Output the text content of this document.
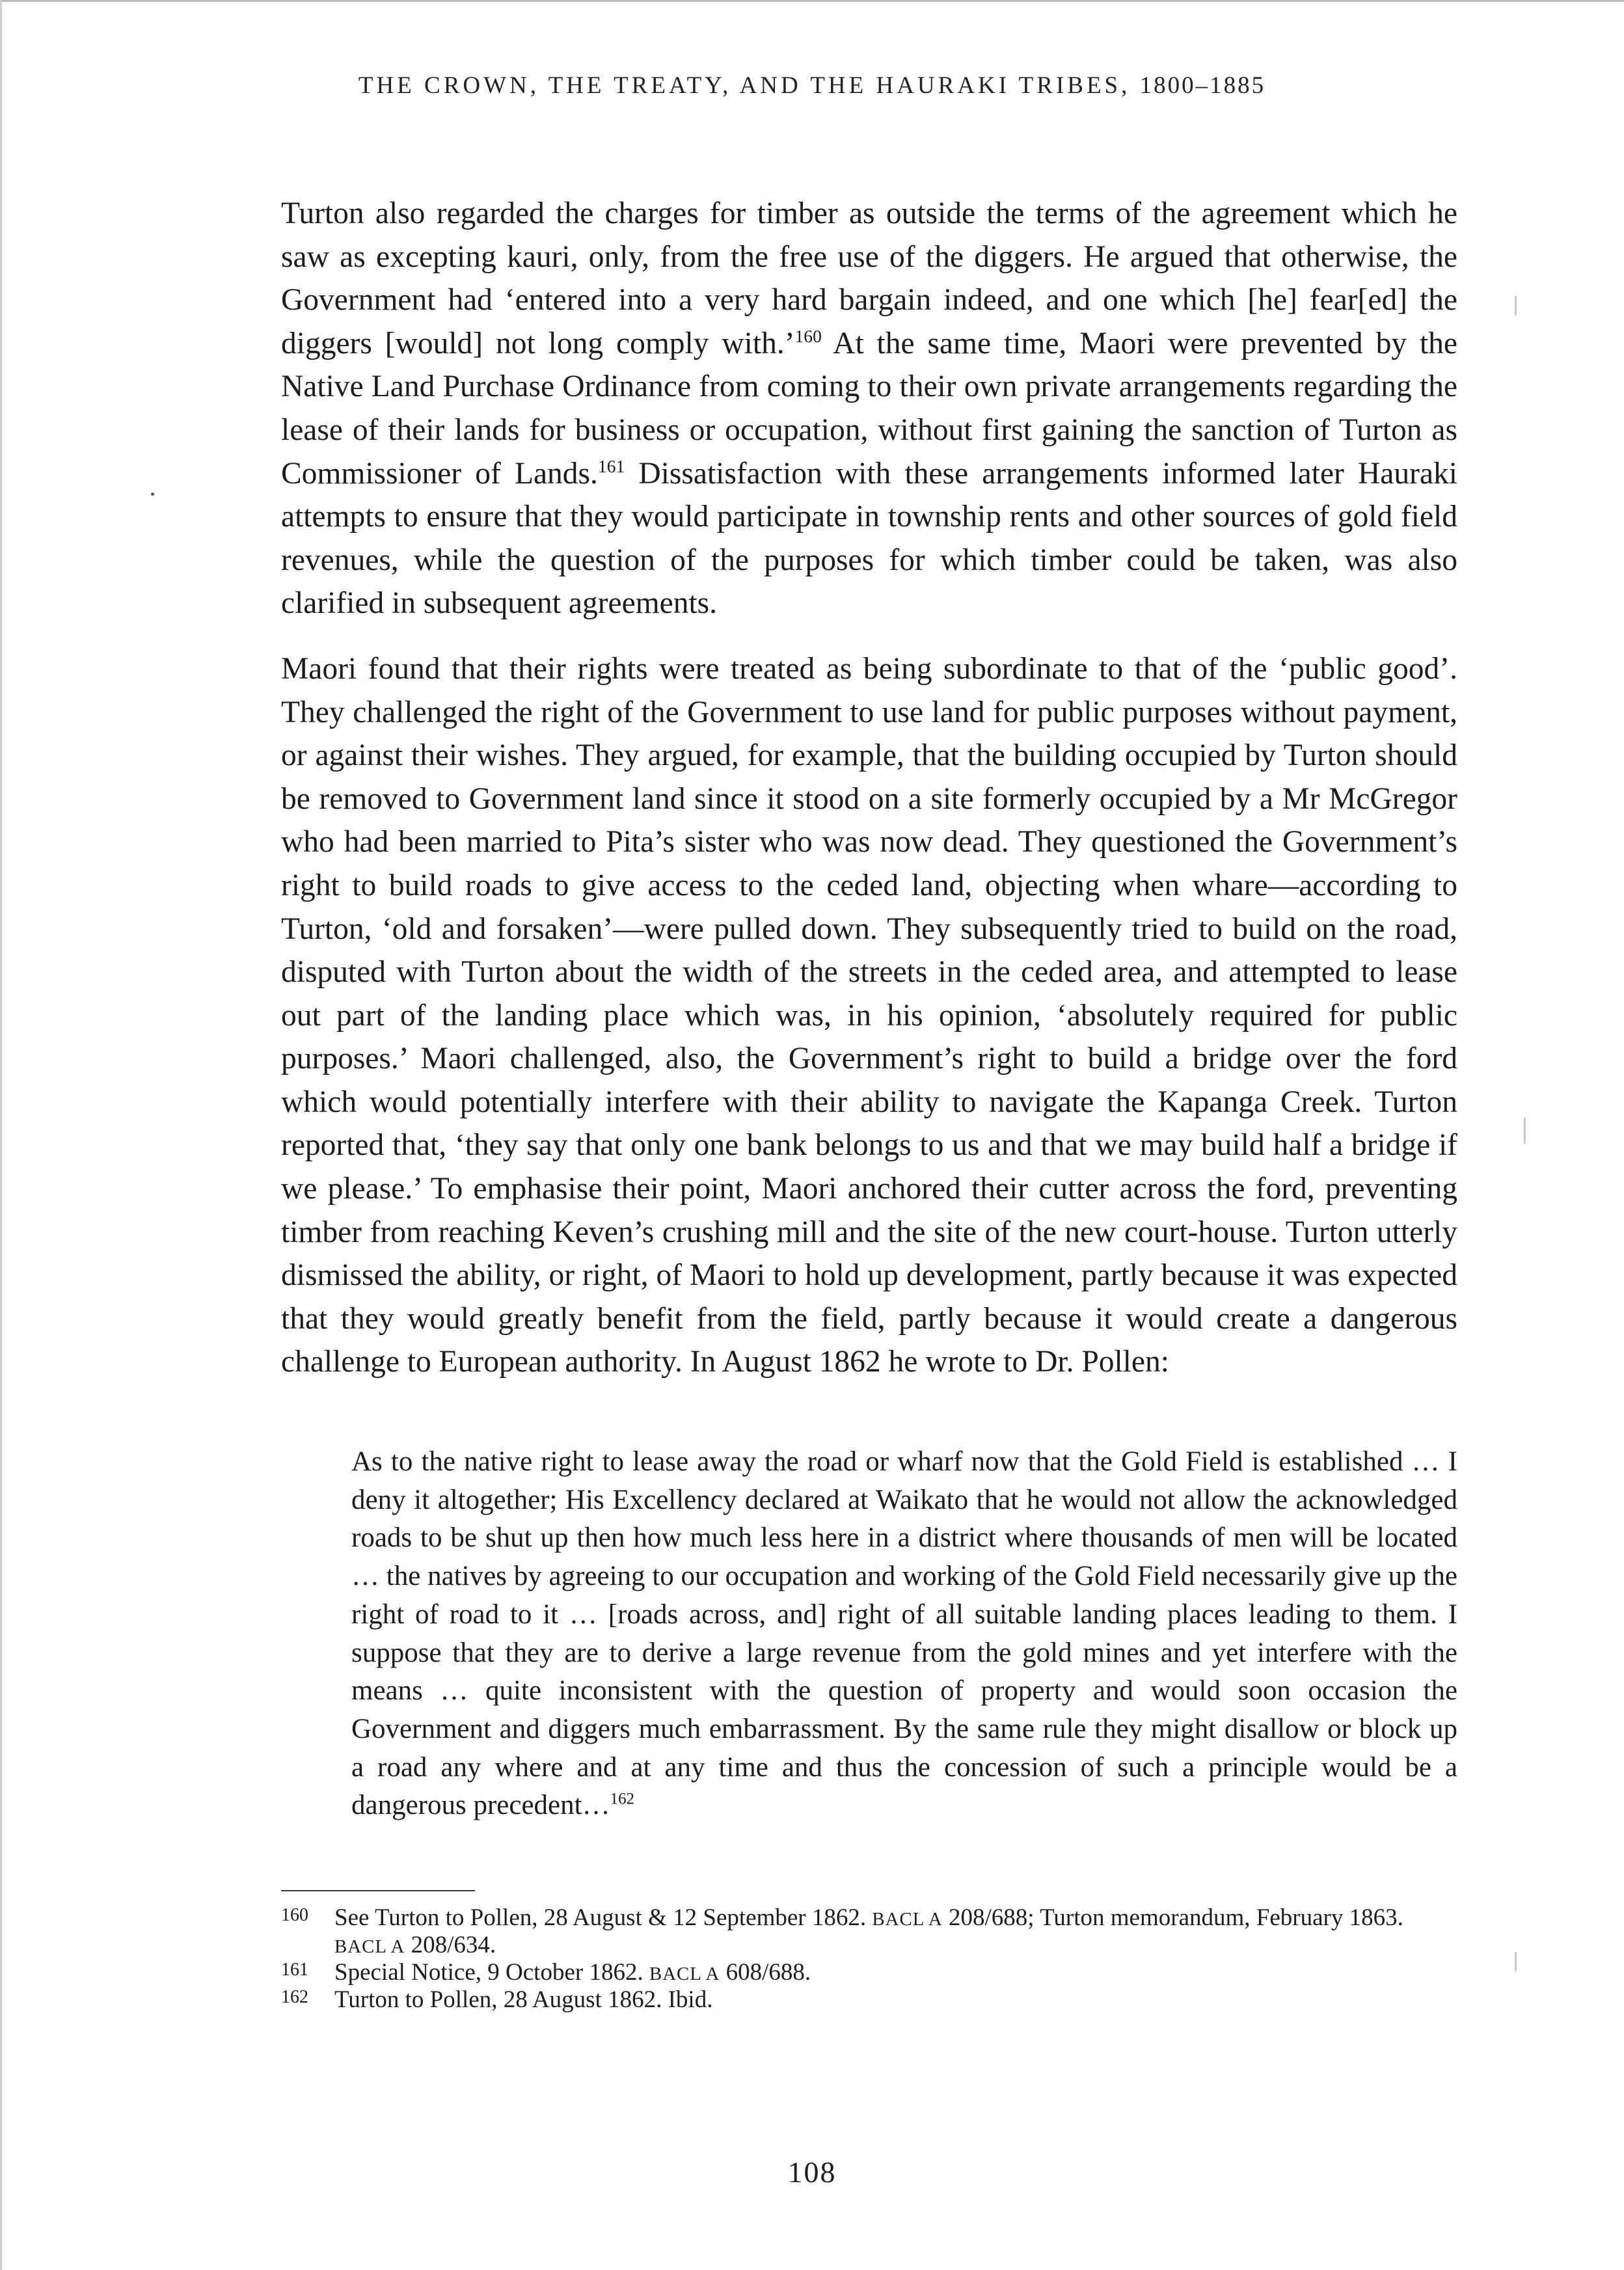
THE CROWN, THE TREATY, AND THE HAURAKI TRIBES, 1800–1885

Turton also regarded the charges for timber as outside the terms of the agreement which he saw as excepting kauri, only, from the free use of the diggers. He argued that otherwise, the Government had ‘entered into a very hard bargain indeed, and one which [he] fear[ed] the diggers [would] not long comply with.’$^{160}$ At the same time, Maori were prevented by the Native Land Purchase Ordinance from coming to their own private arrangements regarding the lease of their lands for business or occupation, without first gaining the sanction of Turton as Commissioner of Lands.$^{161}$ Dissatisfaction with these arrangements informed later Hauraki attempts to ensure that they would participate in township rents and other sources of gold field revenues, while the question of the purposes for which timber could be taken, was also clarified in subsequent agreements.

Maori found that their rights were treated as being subordinate to that of the ‘public good’. They challenged the right of the Government to use land for public purposes without payment, or against their wishes. They argued, for example, that the building occupied by Turton should be removed to Government land since it stood on a site formerly occupied by a Mr McGregor who had been married to Pita’s sister who was now dead. They questioned the Government’s right to build roads to give access to the ceded land, objecting when whare—according to Turton, ‘old and forsaken’—were pulled down. They subsequently tried to build on the road, disputed with Turton about the width of the streets in the ceded area, and attempted to lease out part of the landing place which was, in his opinion, ‘absolutely required for public purposes.’ Maori challenged, also, the Government’s right to build a bridge over the ford which would potentially interfere with their ability to navigate the Kapanga Creek. Turton reported that, ‘they say that only one bank belongs to us and that we may build half a bridge if we please.’ To emphasise their point, Maori anchored their cutter across the ford, preventing timber from reaching Keven’s crushing mill and the site of the new court-house. Turton utterly dismissed the ability, or right, of Maori to hold up development, partly because it was expected that they would greatly benefit from the field, partly because it would create a dangerous challenge to European authority. In August 1862 he wrote to Dr. Pollen:

As to the native right to lease away the road or wharf now that the Gold Field is established … I deny it altogether; His Excellency declared at Waikato that he would not allow the acknowledged roads to be shut up then how much less here in a district where thousands of men will be located … the natives by agreeing to our occupation and working of the Gold Field necessarily give up the right of road to it … [roads across, and] right of all suitable landing places leading to them. I suppose that they are to derive a large revenue from the gold mines and yet interfere with the means … quite inconsistent with the question of property and would soon occasion the Government and diggers much embarrassment. By the same rule they might disallow or block up a road any where and at any time and thus the concession of such a principle would be a dangerous precedent…$^{162}$

160	See Turton to Pollen, 28 August & 12 September 1862. BACL A 208/688; Turton memorandum, February 1863. BACL A 208/634.
161	Special Notice, 9 October 1862. BACL A 608/688.
162	Turton to Pollen, 28 August 1862. Ibid.
108
